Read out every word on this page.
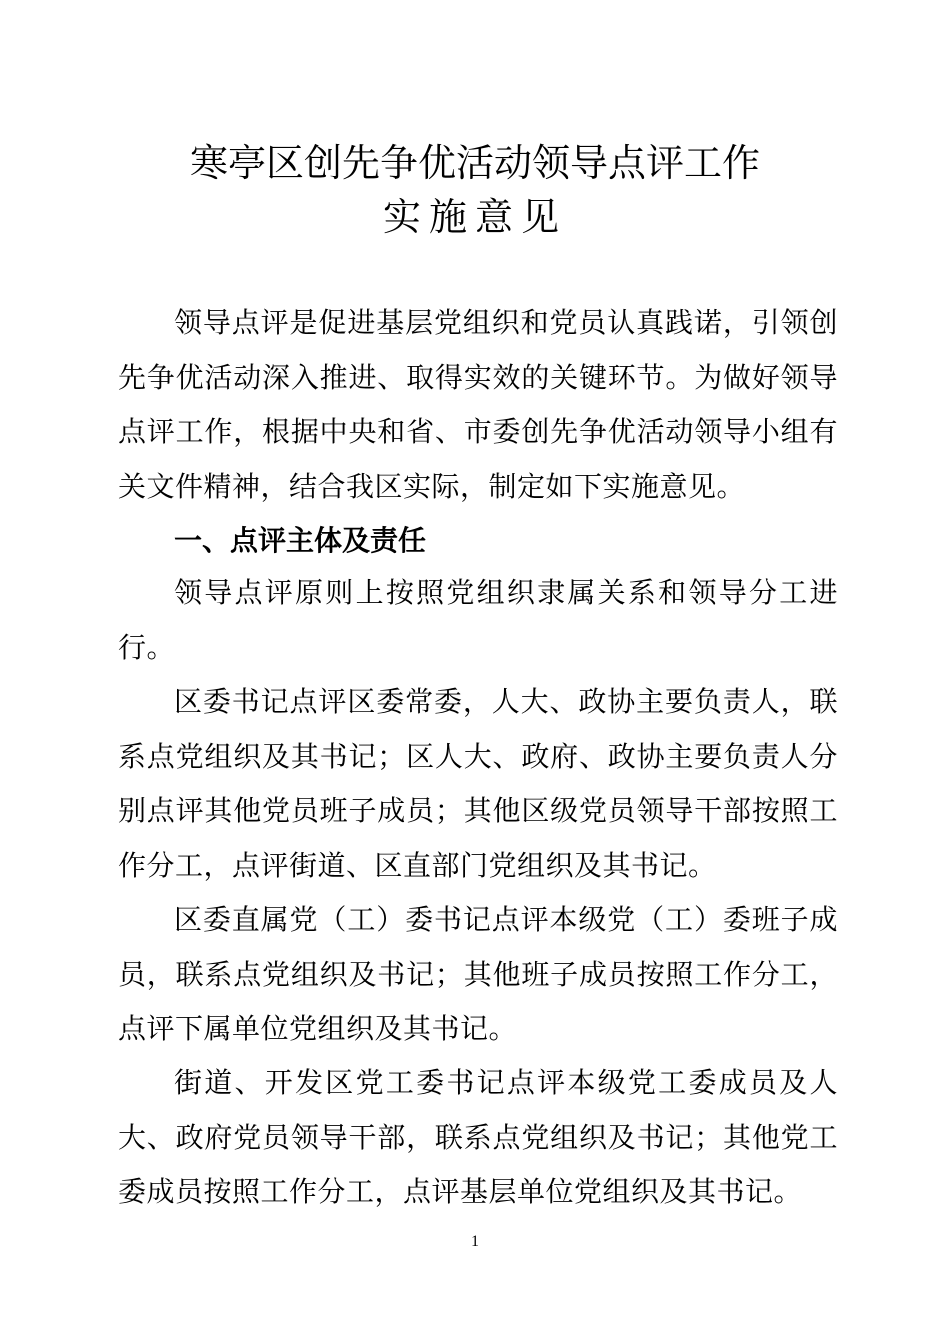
寒亭区创先争优活动领导点评工作
实施意见
领导点评是促进基层党组织和党员认真践诺，引领创先争优活动深入推进、取得实效的关键环节。为做好领导点评工作，根据中央和省、市委创先争优活动领导小组有关文件精神，结合我区实际，制定如下实施意见。
一、点评主体及责任
领导点评原则上按照党组织隶属关系和领导分工进行。
区委书记点评区委常委，人大、政协主要负责人，联系点党组织及其书记；区人大、政府、政协主要负责人分别点评其他党员班子成员；其他区级党员领导干部按照工作分工，点评街道、区直部门党组织及其书记。
区委直属党（工）委书记点评本级党（工）委班子成员，联系点党组织及书记；其他班子成员按照工作分工，点评下属单位党组织及其书记。
街道、开发区党工委书记点评本级党工委成员及人大、政府党员领导干部，联系点党组织及书记；其他党工委成员按照工作分工，点评基层单位党组织及其书记。
1
